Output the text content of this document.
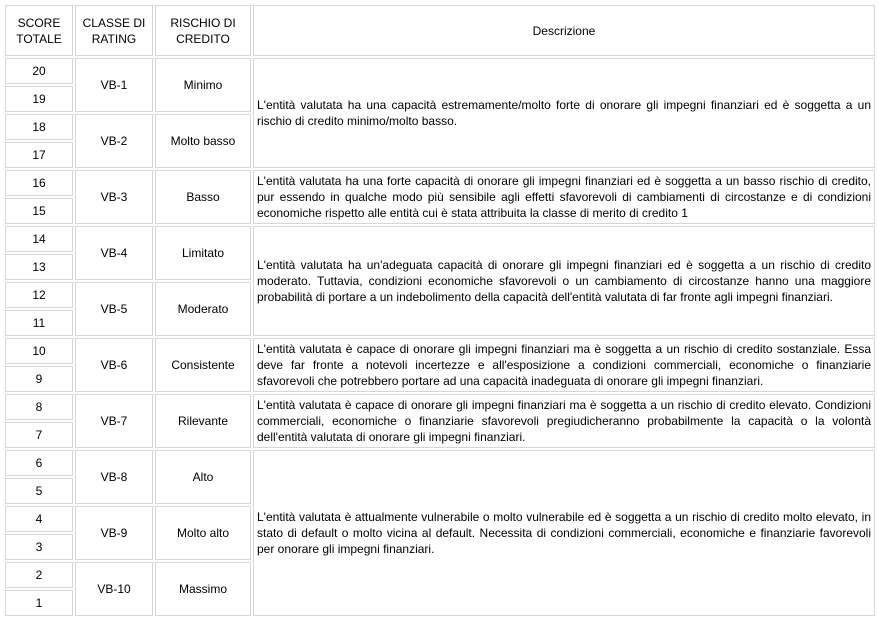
SCORE TOTALE	CLASSE DI RATING	RISCHIO DI CREDITO	Descrizione
20	VB-1	Minimo	L'entità valutata ha una capacità estremamente/molto forte di onorare gli impegni finanziari ed è soggetta a un rischio di credito minimo/molto basso.
19			
18	VB-2	Molto basso	
17			
16	VB-3	Basso	L'entità valutata ha una forte capacità di onorare gli impegni finanziari ed è soggetta a un basso rischio di credito, pur essendo in qualche modo più sensibile agli effetti sfavorevoli di cambiamenti di circostanze e di condizioni economiche rispetto alle entità cui è stata attribuita la classe di merito di credito 1
15			
14	VB-4	Limitato	L'entità valutata ha un'adeguata capacità di onorare gli impegni finanziari ed è soggetta a un rischio di credito moderato. Tuttavia, condizioni economiche sfavorevoli o un cambiamento di circostanze hanno una maggiore probabilità di portare a un indebolimento della capacità dell'entità valutata di far fronte agli impegni finanziari.
13			
12	VB-5	Moderato	
11			
10	VB-6	Consistente	L'entità valutata è capace di onorare gli impegni finanziari ma è soggetta a un rischio di credito sostanziale. Essa deve far fronte a notevoli incertezze e all'esposizione a condizioni commerciali, economiche o finanziarie sfavorevoli che potrebbero portare ad una capacità inadeguata di onorare gli impegni finanziari.
9			
8	VB-7	Rilevante	L'entità valutata è capace di onorare gli impegni finanziari ma è soggetta a un rischio di credito elevato. Condizioni commerciali, economiche o finanziarie sfavorevoli pregiudicheranno probabilmente la capacità o la volontà dell'entità valutata di onorare gli impegni finanziari.
7			
6	VB-8	Alto	L'entità valutata è attualmente vulnerabile o molto vulnerabile ed è soggetta a un rischio di credito molto elevato, in stato di default o molto vicina al default. Necessita di condizioni commerciali, economiche e finanziarie favorevoli per onorare gli impegni finanziari.
5			
4	VB-9	Molto alto	
3			
2	VB-10	Massimo	
1			
